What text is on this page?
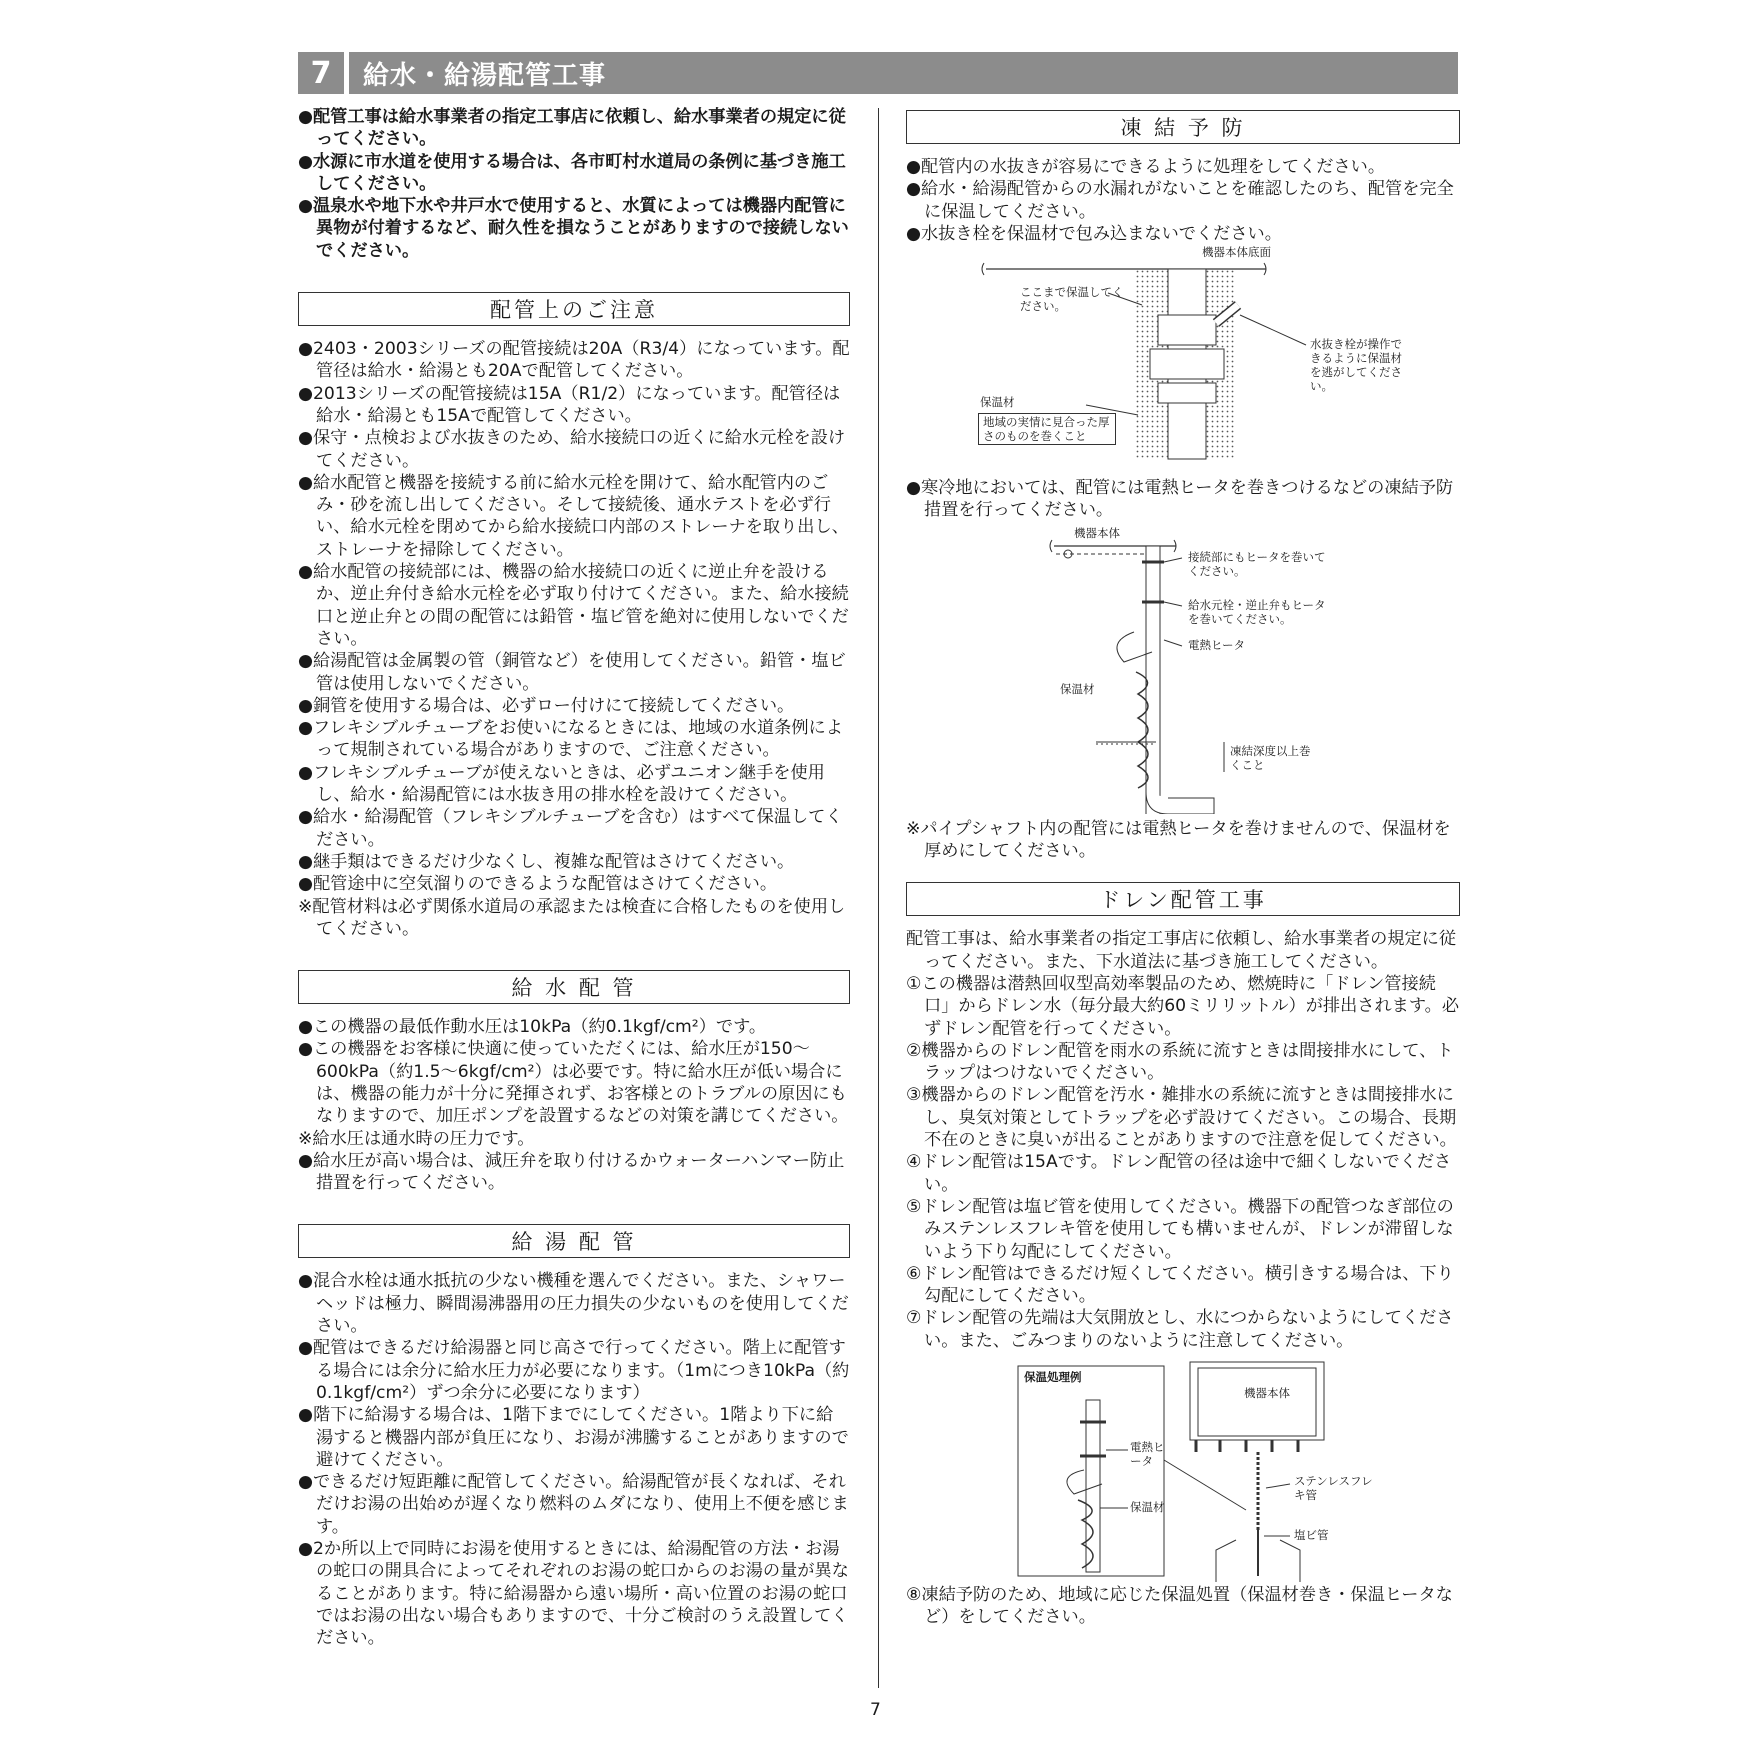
7	給水・給湯配管工事

●配管工事は給水事業者の指定工事店に依頼し、給水事業者の規定に従ってください。

●水源に市水道を使用する場合は、各市町村水道局の条例に基づき施工してください。

●温泉水や地下水や井戸水で使用すると、水質によっては機器内配管に異物が付着するなど、耐久性を損なうことがありますので接続しないでください。

配管上のご注意

●2403・2003シリーズの配管接続は20A（R3/4）になっています。配管径は給水・給湯とも20Aで配管してください。

●2013シリーズの配管接続は15A（R1/2）になっています。配管径は給水・給湯とも15Aで配管してください。

●保守・点検および水抜きのため、給水接続口の近くに給水元栓を設けてください。

●給水配管と機器を接続する前に給水元栓を開けて、給水配管内のごみ・砂を流し出してください。そして接続後、通水テストを必ず行い、給水元栓を閉めてから給水接続口内部のストレーナを取り出し、ストレーナを掃除してください。

●給水配管の接続部には、機器の給水接続口の近くに逆止弁を設けるか、逆止弁付き給水元栓を必ず取り付けてください。また、給水接続口と逆止弁との間の配管には鉛管・塩ビ管を絶対に使用しないでください。

●給湯配管は金属製の管（銅管など）を使用してください。鉛管・塩ビ管は使用しないでください。

●銅管を使用する場合は、必ずロー付けにて接続してください。

●フレキシブルチューブをお使いになるときには、地域の水道条例によって規制されている場合がありますので、ご注意ください。

●フレキシブルチューブが使えないときは、必ずユニオン継手を使用し、給水・給湯配管には水抜き用の排水栓を設けてください。

●給水・給湯配管（フレキシブルチューブを含む）はすべて保温してください。

●継手類はできるだけ少なくし、複雑な配管はさけてください。

●配管途中に空気溜りのできるような配管はさけてください。

※配管材料は必ず関係水道局の承認または検査に合格したものを使用してください。

給 水 配 管

●この機器の最低作動水圧は10kPa（約0.1kgf/cm²）です。

●この機器をお客様に快適に使っていただくには、給水圧が150～600kPa（約1.5～6kgf/cm²）は必要です。特に給水圧が低い場合には、機器の能力が十分に発揮されず、お客様とのトラブルの原因にもなりますので、加圧ポンプを設置するなどの対策を講じてください。

※給水圧は通水時の圧力です。

●給水圧が高い場合は、減圧弁を取り付けるかウォーターハンマー防止措置を行ってください。

給 湯 配 管

●混合水栓は通水抵抗の少ない機種を選んでください。また、シャワーヘッドは極力、瞬間湯沸器用の圧力損失の少ないものを使用してください。

●配管はできるだけ給湯器と同じ高さで行ってください。階上に配管する場合には余分に給水圧力が必要になります。（1mにつき10kPa（約0.1kgf/cm²）ずつ余分に必要になります）

●階下に給湯する場合は、1階下までにしてください。1階より下に給湯すると機器内部が負圧になり、お湯が沸騰することがありますので避けてください。

●できるだけ短距離に配管してください。給湯配管が長くなれば、それだけお湯の出始めが遅くなり燃料のムダになり、使用上不便を感じます。

●2か所以上で同時にお湯を使用するときには、給湯配管の方法・お湯の蛇口の開具合によってそれぞれのお湯の蛇口からのお湯の量が異なることがあります。特に給湯器から遠い場所・高い位置のお湯の蛇口ではお湯の出ない場合もありますので、十分ご検討のうえ設置してください。

凍 結 予 防

●配管内の水抜きが容易にできるように処理をしてください。

●給水・給湯配管からの水漏れがないことを確認したのち、配管を完全に保温してください。

●水抜き栓を保温材で包み込まないでください。

機器本体底面
ここまで保温してください。
水抜き栓が操作できるように保温材を逃がしてください。
保温材
地域の実情に見合った厚さのものを巻くこと

●寒冷地においては、配管には電熱ヒータを巻きつけるなどの凍結予防措置を行ってください。

機器本体
接続部にもヒータを巻いてください。
給水元栓・逆止弁もヒータを巻いてください。
電熱ヒータ
保温材
凍結深度以上巻くこと

※パイプシャフト内の配管には電熱ヒータを巻けませんので、保温材を厚めにしてください。

ドレン配管工事

配管工事は、給水事業者の指定工事店に依頼し、給水事業者の規定に従ってください。また、下水道法に基づき施工してください。

①この機器は潜熱回収型高効率製品のため、燃焼時に「ドレン管接続口」からドレン水（毎分最大約60ミリリットル）が排出されます。必ずドレン配管を行ってください。

②機器からのドレン配管を雨水の系統に流すときは間接排水にして、トラップはつけないでください。

③機器からのドレン配管を汚水・雑排水の系統に流すときは間接排水にし、臭気対策としてトラップを必ず設けてください。この場合、長期不在のときに臭いが出ることがありますので注意を促してください。

④ドレン配管は15Aです。ドレン配管の径は途中で細くしないでください。

⑤ドレン配管は塩ビ管を使用してください。機器下の配管つなぎ部位のみステンレスフレキ管を使用しても構いませんが、ドレンが滞留しないよう下り勾配にしてください。

⑥ドレン配管はできるだけ短くしてください。横引きする場合は、下り勾配にしてください。

⑦ドレン配管の先端は大気開放とし、水につからないようにしてください。また、ごみつまりのないように注意してください。

保温処理例
電熱ヒータ
保温材
機器本体
ステンレスフレキ管
塩ビ管

⑧凍結予防のため、地域に応じた保温処置（保温材巻き・保温ヒータなど）をしてください。

7
